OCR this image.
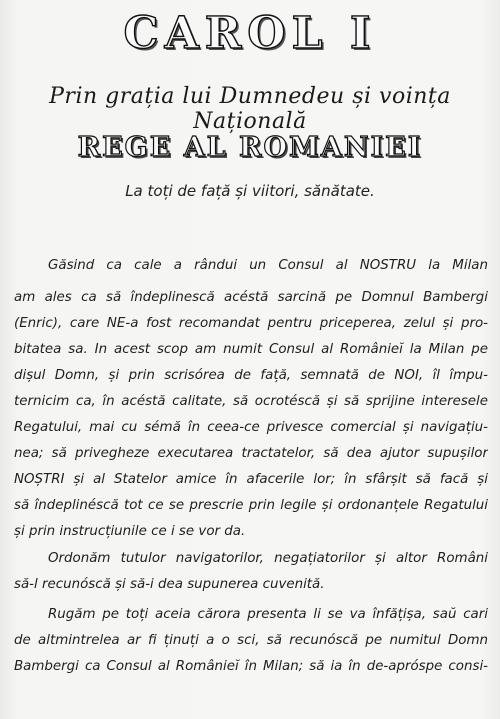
CAROL I
Prin grația lui Dumnedeu și voința Națională
REGE AL ROMANIEI
La toți de față și viitori, sănătate.
Găsind ca cale a rândui un Consul al NOSTRU la Milan
am ales ca să îndeplinescă acéstă sarcină pe Domnul Bambergi
(Enric), care NE-a fost recomandat pentru priceperea, zelul și pro-
bitatea sa. In acest scop am numit Consul al Românieĭ la Milan pe
dișul Domn, și prin scrisórea de față, semnată de NOI, îl împu-
ternicim ca, în acéstă calitate, să ocrotéscă și să sprijine interesele
Regatului, mai cu sémă în ceea-ce privesce comercial și navigațiu-
nea; să privegheze executarea tractatelor, să dea ajutor supușilor
NOȘTRI și al Statelor amice în afacerile lor; în sfârșit să facă și
să îndeplinéscă tot ce se prescrie prin legile și ordonanțele Regatului
și prin instrucțiunile ce i se vor da.
Ordonăm tutulor navigatorilor, negațiatorilor și altor Români
să-l recunóscă și să-i dea supunerea cuvenită.
Rugăm pe toți aceia cărora presenta li se va înfățișa, saŭ cari
de altmintrelea ar fi ținuți a o sci, să recunóscă pe numitul Domn
Bambergi ca Consul al Românieĭ în Milan; să ia în de-apróspe consi-
